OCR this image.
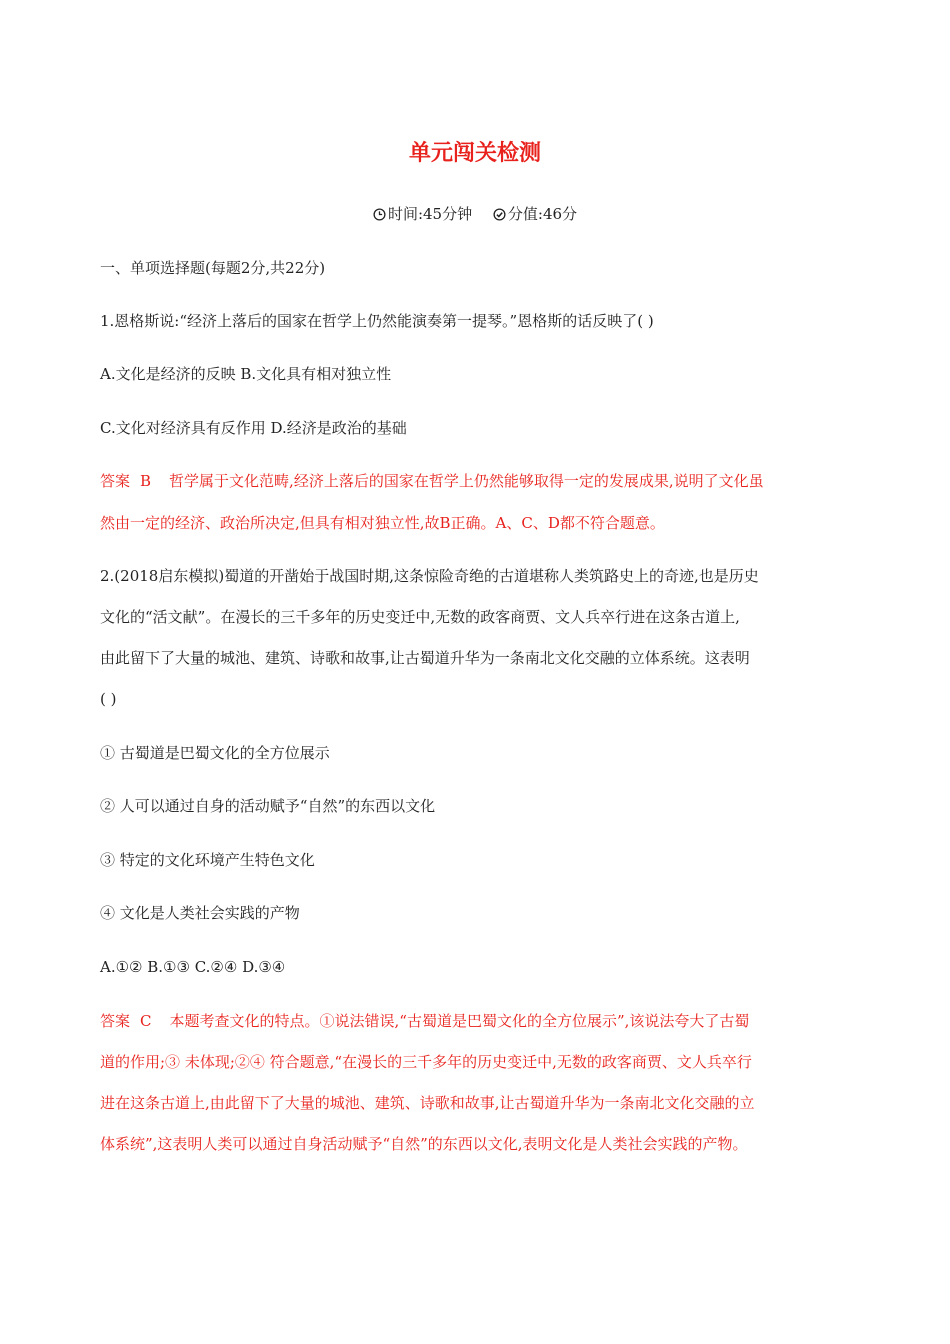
单元闯关检测
时间:45分钟 分值:46分
一、单项选择题(每题2分,共22分)
1.恩格斯说:“经济上落后的国家在哲学上仍然能演奏第一提琴。”恩格斯的话反映了( )
A.文化是经济的反映 B.文化具有相对独立性
C.文化对经济具有反作用 D.经济是政治的基础
答案 B 哲学属于文化范畴,经济上落后的国家在哲学上仍然能够取得一定的发展成果,说明了文化虽
然由一定的经济、政治所决定,但具有相对独立性,故B正确。A、C、D都不符合题意。
2.(2018启东模拟)蜀道的开凿始于战国时期,这条惊险奇绝的古道堪称人类筑路史上的奇迹,也是历史
文化的“活文献”。在漫长的三千多年的历史变迁中,无数的政客商贾、文人兵卒行进在这条古道上,
由此留下了大量的城池、建筑、诗歌和故事,让古蜀道升华为一条南北文化交融的立体系统。这表明
( )
① 古蜀道是巴蜀文化的全方位展示
② 人可以通过自身的活动赋予“自然”的东西以文化
③ 特定的文化环境产生特色文化
④ 文化是人类社会实践的产物
A.①② B.①③ C.②④ D.③④
答案 C 本题考查文化的特点。①说法错误,“古蜀道是巴蜀文化的全方位展示”,该说法夸大了古蜀
道的作用;③ 未体现;②④ 符合题意,“在漫长的三千多年的历史变迁中,无数的政客商贾、文人兵卒行
进在这条古道上,由此留下了大量的城池、建筑、诗歌和故事,让古蜀道升华为一条南北文化交融的立
体系统”,这表明人类可以通过自身活动赋予“自然”的东西以文化,表明文化是人类社会实践的产物。
